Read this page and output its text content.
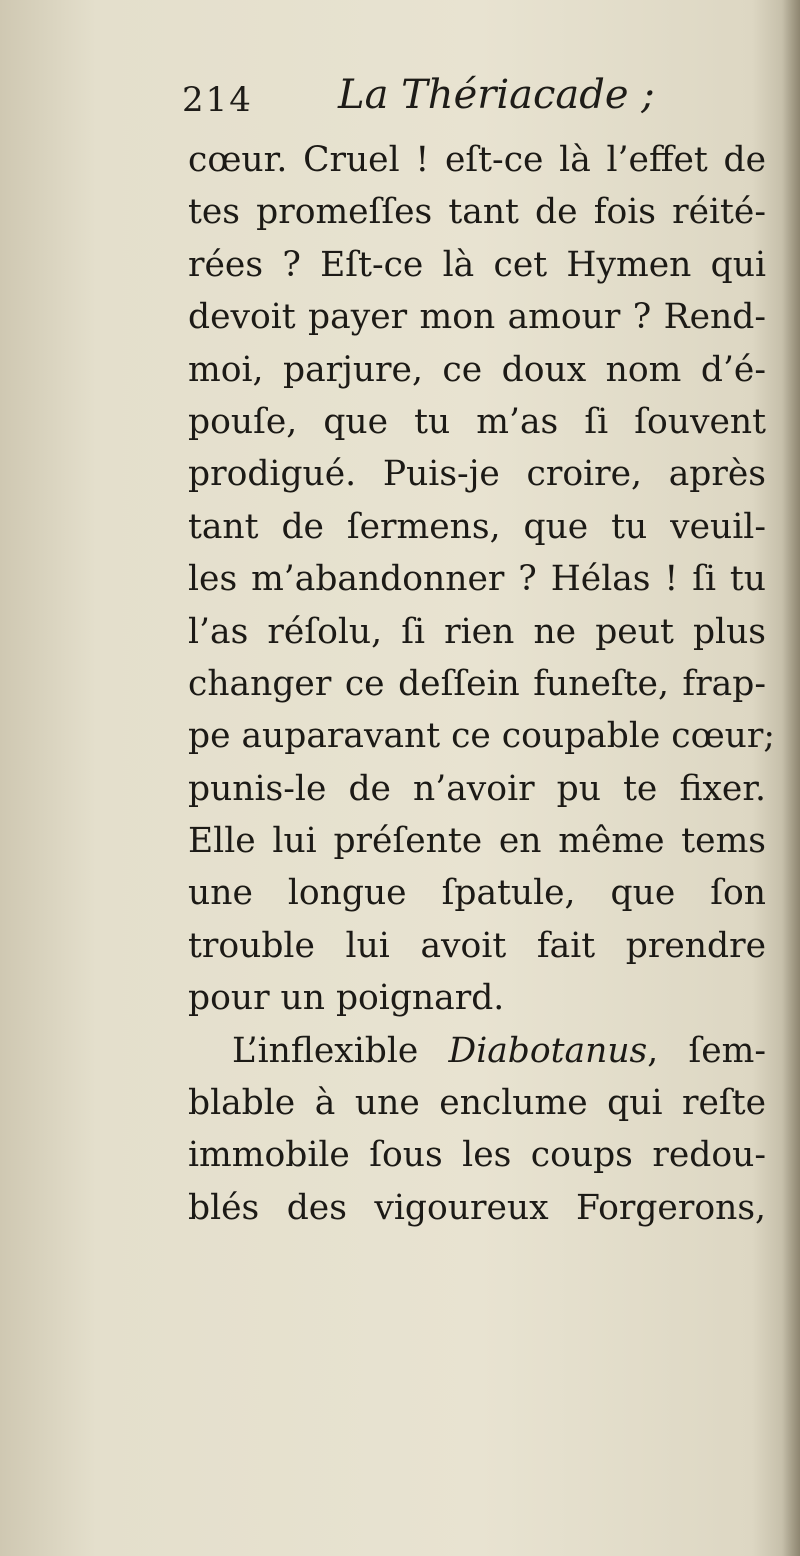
214 La Thériacade ;
cœur. Cruel ! eſt-ce là l’effet de
tes promeſſes tant de fois réité-
rées ? Eſt-ce là cet Hymen qui
devoit payer mon amour ? Rend-
moi, parjure, ce doux nom d’é-
pouſe, que tu m’as ſi ſouvent
prodigué. Puis-je croire, après
tant de ſermens, que tu veuil-
les m’abandonner ? Hélas ! ſi tu
l’as réſolu, ſi rien ne peut plus
changer ce deſſein funeſte, frap-
pe auparavant ce coupable cœur;
punis-le de n’avoir pu te fixer.
Elle lui préſente en même tems
une longue ſpatule, que ſon
trouble lui avoit fait prendre
pour un poignard.
L’inflexible Diabotanus, ſem-
blable à une enclume qui reſte
immobile ſous les coups redou-
blés des vigoureux Forgerons,
